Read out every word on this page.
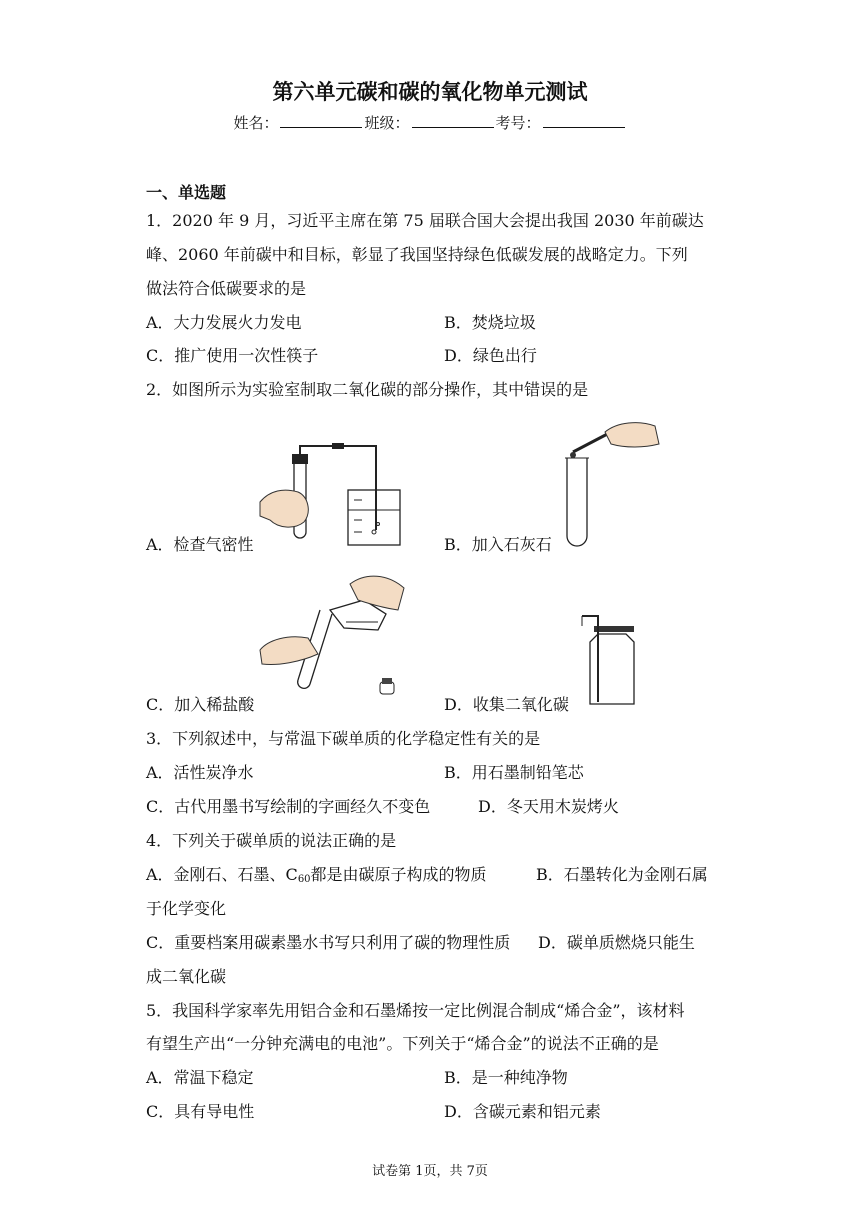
第六单元碳和碳的氧化物单元测试
姓名：	班级：	考号：
一、单选题
1．2020 年 9 月，习近平主席在第 75 届联合国大会提出我国 2030 年前碳达
峰、2060 年前碳中和目标，彰显了我国坚持绿色低碳发展的战略定力。下列
做法符合低碳要求的是
A．大力发展火力发电	B．焚烧垃圾
C．推广使用一次性筷子	D．绿色出行
2．如图所示为实验室制取二氧化碳的部分操作，其中错误的是
A．检查气密性	B．加入石灰石
C．加入稀盐酸	D．收集二氧化碳
3．下列叙述中，与常温下碳单质的化学稳定性有关的是
A．活性炭净水	B．用石墨制铅笔芯
C．古代用墨书写绘制的字画经久不变色	D．冬天用木炭烤火
4．下列关于碳单质的说法正确的是
A．金刚石、石墨、$C_{60}$都是由碳原子构成的物质	B．石墨转化为金刚石属
于化学变化
C．重要档案用碳素墨水书写只利用了碳的物理性质 D．碳单质燃烧只能生
成二氧化碳
5．我国科学家率先用铝合金和石墨烯按一定比例混合制成“烯合金”，该材料
有望生产出“一分钟充满电的电池”。下列关于“烯合金”的说法不正确的是
A．常温下稳定	B．是一种纯净物
C．具有导电性	D．含碳元素和铝元素
试卷第 1页，共 7页
